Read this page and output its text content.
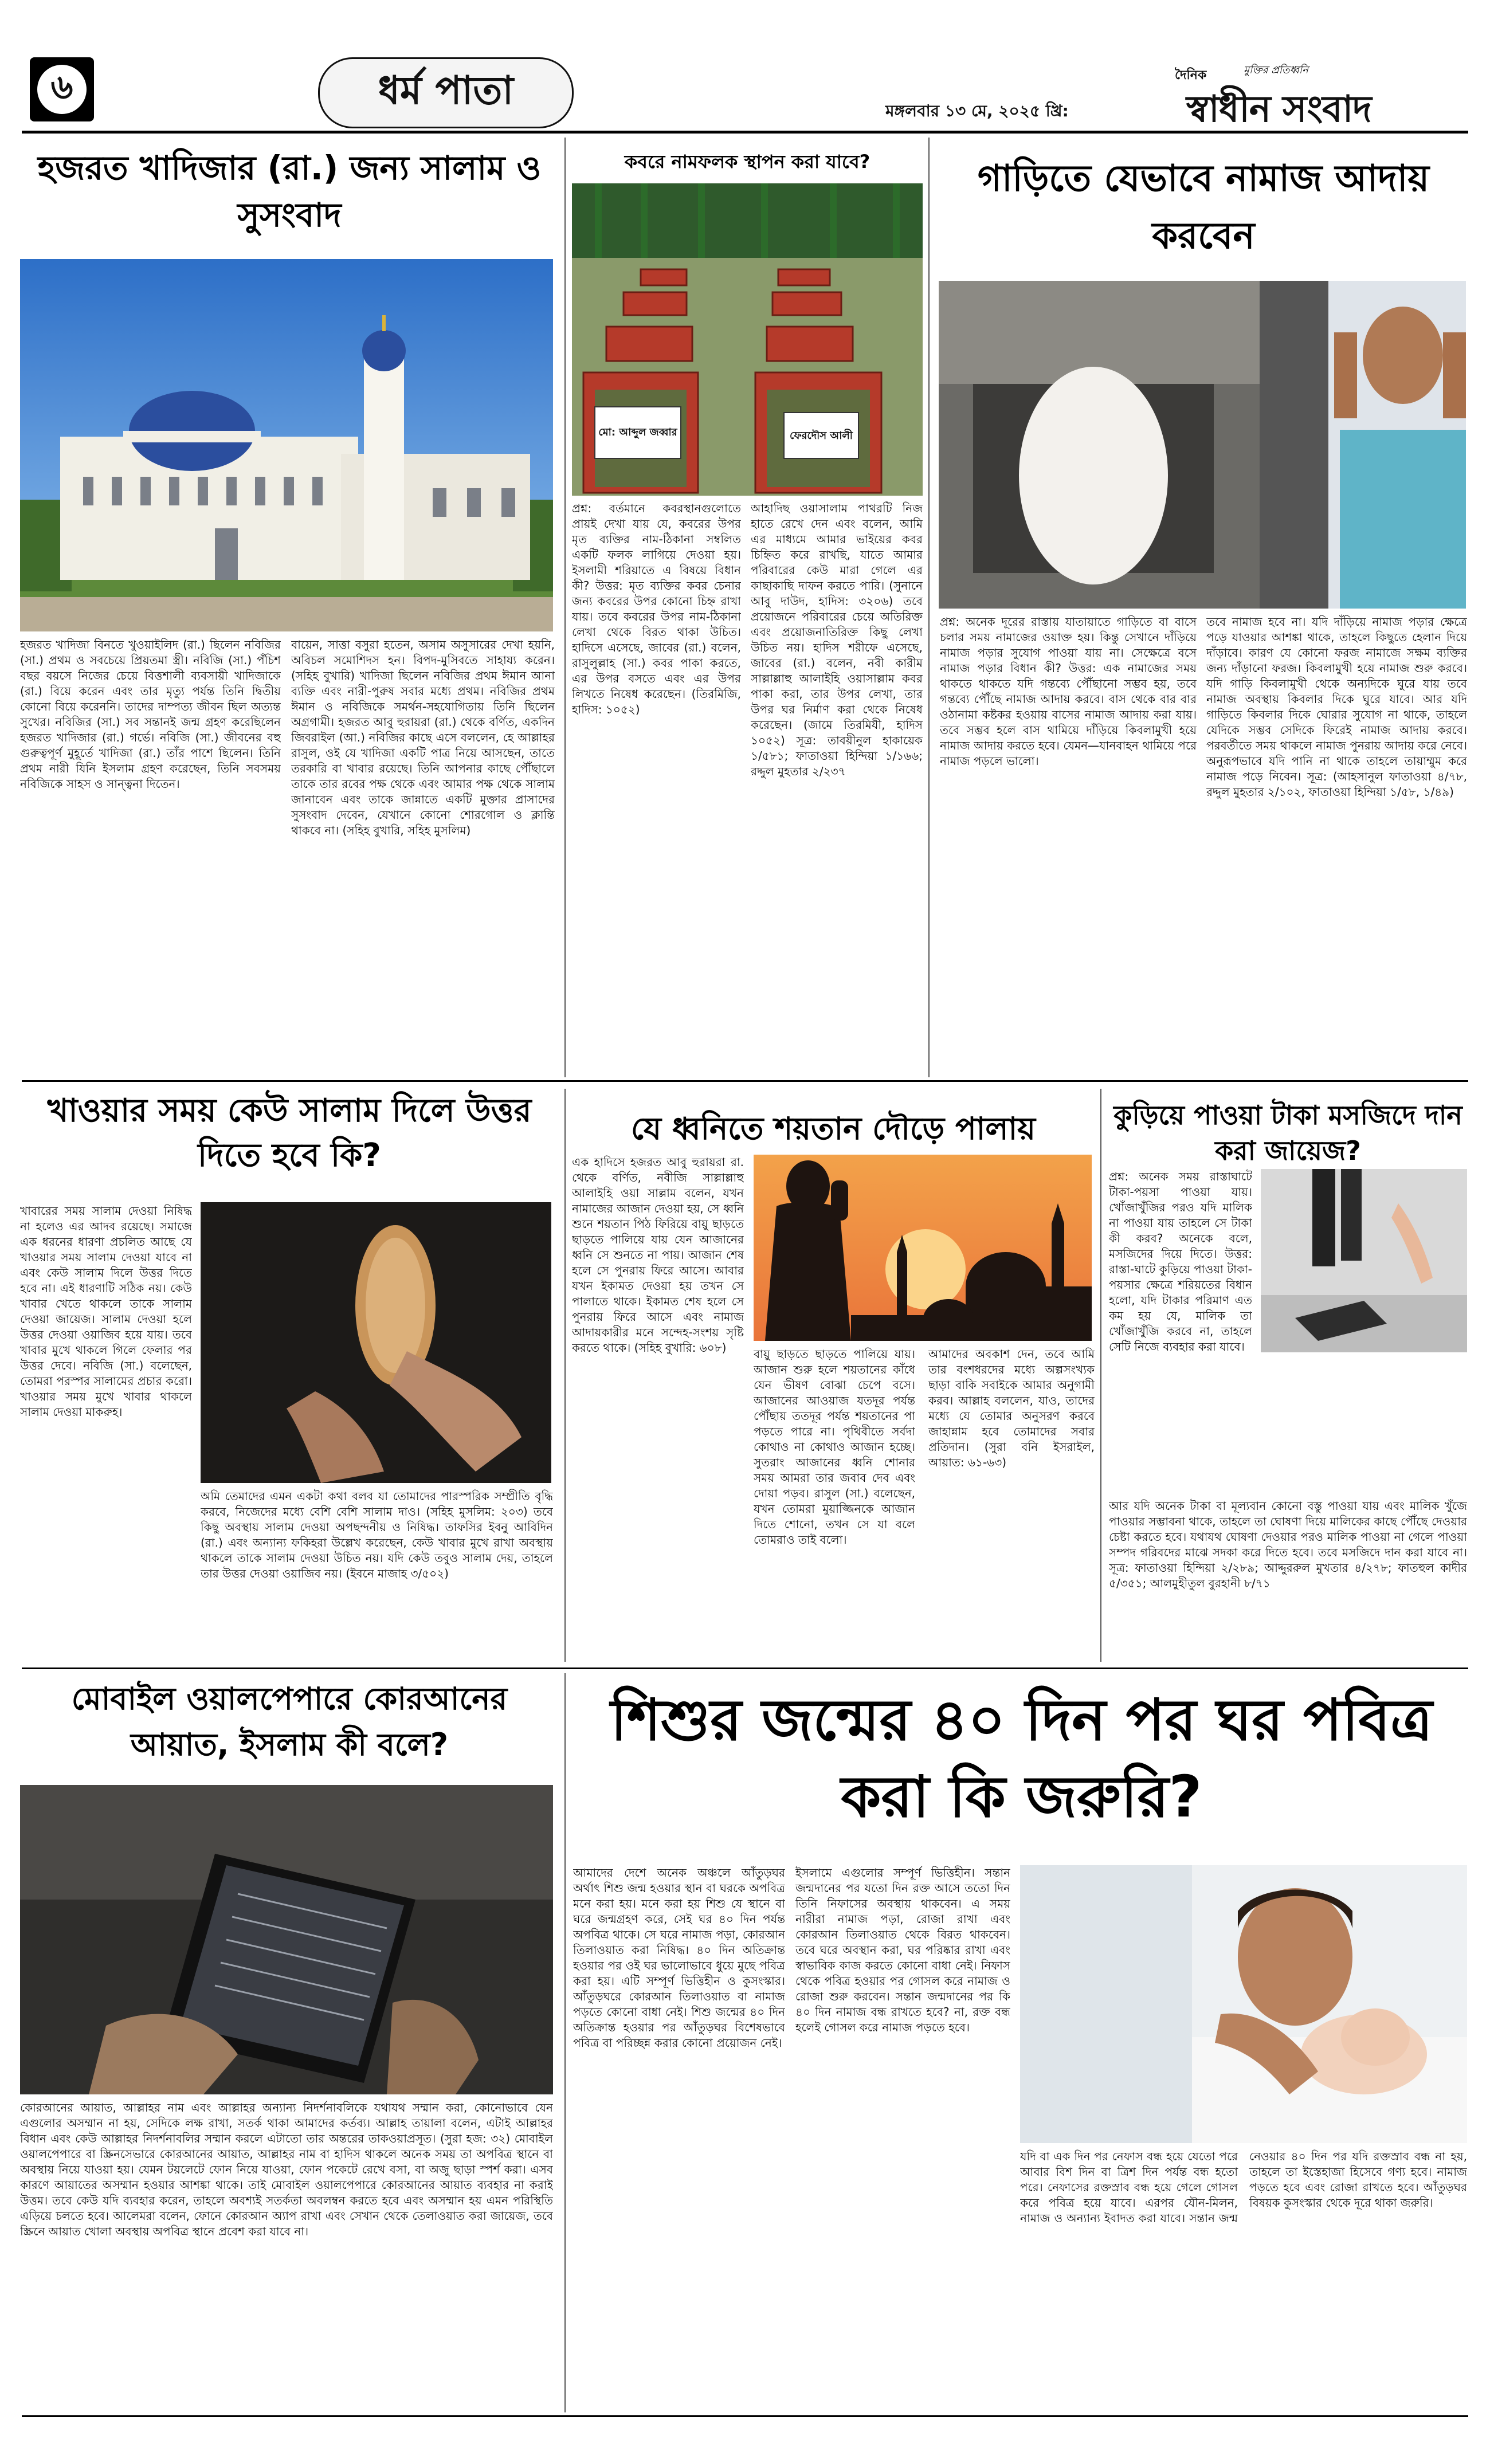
৬	ধর্ম পাতা	মঙ্গলবার ১৩ মে, ২০২৫ খ্রি:
দৈনিক	মুক্তির প্রতিধ্বনি
স্বাধীন সংবাদ
হজরত খাদিজার (রা.) জন্য সালাম ও সুসংবাদ
হজরত খাদিজা বিনতে খুওয়াইলিদ (রা.) ছিলেন নবিজির (সা.) প্রথম ও সবচেয়ে প্রিয়তমা স্ত্রী। নবিজি (সা.) পঁচিশ বছর বয়সে নিজের চেয়ে বিত্তশালী ব্যবসায়ী খাদিজাকে (রা.) বিয়ে করেন এবং তার মৃত্যু পর্যন্ত তিনি দ্বিতীয় কোনো বিয়ে করেননি। তাদের দাম্পত্য জীবন ছিল অত্যন্ত সুখের। নবিজির (সা.) সব সন্তানই জন্ম গ্রহণ করেছিলেন হজরত খাদিজার (রা.) গর্ভে। নবিজি (সা.) জীবনের বহু গুরুত্বপূর্ণ মুহূর্তে খাদিজা (রা.) তাঁর পাশে ছিলেন। তিনি প্রথম নারী যিনি ইসলাম গ্রহণ করেছেন, তিনি সবসময় নবিজিকে সাহস ও সান্ত্বনা দিতেন।
বায়েন, সাত্তা বসুরা হতেন, অসাম অসুসারের দেখা হয়নি, অবিচল সমোশিদস হন। বিপদ-মুসিবতে সাহায্য করেন। (সহিহ বুখারি) খাদিজা ছিলেন নবিজির প্রথম ঈমান আনা ব্যক্তি এবং নারী-পুরুষ সবার মধ্যে প্রথম। নবিজির প্রথম ঈমান ও নবিজিকে সমর্থন-সহযোগিতায় তিনি ছিলেন অগ্রগামী। হজরত আবু হুরায়রা (রা.) থেকে বর্ণিত, একদিন জিবরাইল (আ.) নবিজির কাছে এসে বললেন, হে আল্লাহর রাসুল, ওই যে খাদিজা একটি পাত্র নিয়ে আসছেন, তাতে তরকারি বা খাবার রয়েছে। তিনি আপনার কাছে পৌঁছালে তাকে তার রবের পক্ষ থেকে এবং আমার পক্ষ থেকে সালাম জানাবেন এবং তাকে জান্নাতে একটি মুক্তার প্রাসাদের সুসংবাদ দেবেন, যেখানে কোনো শোরগোল ও ক্লান্তি থাকবে না। (সহিহ বুখারি, সহিহ মুসলিম)
কবরে নামফলক স্থাপন করা যাবে?
মো: আব্দুল জব্বার	ফেরদৌস আলী
প্রশ্ন: বর্তমানে কবরস্থানগুলোতে প্রায়ই দেখা যায় যে, কবরের উপর মৃত ব্যক্তির নাম-ঠিকানা সম্বলিত একটি ফলক লাগিয়ে দেওয়া হয়। ইসলামী শরিয়াতে এ বিষয়ে বিধান কী? উত্তর: মৃত ব্যক্তির কবর চেনার জন্য কবরের উপর কোনো চিহ্ন রাখা যায়। তবে কবরের উপর নাম-ঠিকানা লেখা থেকে বিরত থাকা উচিত। হাদিসে এসেছে, জাবের (রা.) বলেন, রাসুলুল্লাহ (সা.) কবর পাকা করতে, এর উপর বসতে এবং এর উপর লিখতে নিষেধ করেছেন। (তিরমিজি, হাদিস: ১০৫২)
আহাদিছ ওয়াসালাম পাথরটি নিজ হাতে রেখে দেন এবং বলেন, আমি এর মাধ্যমে আমার ভাইয়ের কবর চিহ্নিত করে রাখছি, যাতে আমার পরিবারের কেউ মারা গেলে এর কাছাকাছি দাফন করতে পারি। (সুনানে আবু দাউদ, হাদিস: ৩২০৬) তবে প্রয়োজনে পরিবারের চেয়ে অতিরিক্ত এবং প্রয়োজনাতিরিক্ত কিছু লেখা উচিত নয়। হাদিস শরীফে এসেছে, জাবের (রা.) বলেন, নবী কারীম সাল্লাল্লাহু আলাইহি ওয়াসাল্লাম কবর পাকা করা, তার উপর লেখা, তার উপর ঘর নির্মাণ করা থেকে নিষেধ করেছেন। (জামে তিরমিযী, হাদিস ১০৫২) সূত্র: তাবয়ীনুল হাকায়েক ১/৫৮১; ফাতাওয়া হিন্দিয়া ১/১৬৬; রদ্দুল মুহতার ২/২৩৭
গাড়িতে যেভাবে নামাজ আদায় করবেন
প্রশ্ন: অনেক দূরের রাস্তায় যাতায়াতে গাড়িতে বা বাসে চলার সময় নামাজের ওয়াক্ত হয়। কিন্তু সেখানে দাঁড়িয়ে নামাজ পড়ার সুযোগ পাওয়া যায় না। সেক্ষেত্রে বসে নামাজ পড়ার বিধান কী? উত্তর: এক নামাজের সময় থাকতে থাকতে যদি গন্তব্যে পৌঁছানো সম্ভব হয়, তবে গন্তব্যে পৌঁছে নামাজ আদায় করবে। বাস থেকে বার বার ওঠানামা কষ্টকর হওয়ায় বাসের নামাজ আদায় করা যায়। তবে সম্ভব হলে বাস থামিয়ে দাঁড়িয়ে কিবলামুখী হয়ে নামাজ আদায় করতে হবে। যেমন—যানবাহন থামিয়ে পরে নামাজ পড়লে ভালো।
তবে নামাজ হবে না। যদি দাঁড়িয়ে নামাজ পড়ার ক্ষেত্রে পড়ে যাওয়ার আশঙ্কা থাকে, তাহলে কিছুতে হেলান দিয়ে দাঁড়াবে। কারণ যে কোনো ফরজ নামাজে সক্ষম ব্যক্তির জন্য দাঁড়ানো ফরজ। কিবলামুখী হয়ে নামাজ শুরু করবে। যদি গাড়ি কিবলামুখী থেকে অন্যদিকে ঘুরে যায় তবে নামাজ অবস্থায় কিবলার দিকে ঘুরে যাবে। আর যদি গাড়িতে কিবলার দিকে ঘোরার সুযোগ না থাকে, তাহলে যেদিকে সম্ভব সেদিকে ফিরেই নামাজ আদায় করবে। পরবর্তীতে সময় থাকলে নামাজ পুনরায় আদায় করে নেবে। অনুরূপভাবে যদি পানি না থাকে তাহলে তায়াম্মুম করে নামাজ পড়ে নিবেন। সূত্র: (আহসানুল ফাতাওয়া ৪/৭৮, রদ্দুল মুহতার ২/১০২, ফাতাওয়া হিন্দিয়া ১/৫৮, ১/৪৯)
খাওয়ার সময় কেউ সালাম দিলে উত্তর দিতে হবে কি?
খাবারের সময় সালাম দেওয়া নিষিদ্ধ না হলেও এর আদব রয়েছে। সমাজে এক ধরনের ধারণা প্রচলিত আছে যে খাওয়ার সময় সালাম দেওয়া যাবে না এবং কেউ সালাম দিলে উত্তর দিতে হবে না। এই ধারণাটি সঠিক নয়। কেউ খাবার খেতে থাকলে তাকে সালাম দেওয়া জায়েজ। সালাম দেওয়া হলে উত্তর দেওয়া ওয়াজিব হয়ে যায়। তবে খাবার মুখে থাকলে গিলে ফেলার পর উত্তর দেবে। নবিজি (সা.) বলেছেন, তোমরা পরস্পর সালামের প্রচার করো। খাওয়ার সময় মুখে খাবার থাকলে সালাম দেওয়া মাকরুহ।
অমি তেমাদের এমন একটা কথা বলব যা তোমাদের পারস্পরিক সম্প্রীতি বৃদ্ধি করবে, নিজেদের মধ্যে বেশি বেশি সালাম দাও। (সহিহ মুসলিম: ২০৩) তবে কিছু অবস্থায় সালাম দেওয়া অপছন্দনীয় ও নিষিদ্ধ। তাফসির ইবনু আবিদিন (রা.) এবং অন্যান্য ফকিহরা উল্লেখ করেছেন, কেউ খাবার মুখে রাখা অবস্থায় থাকলে তাকে সালাম দেওয়া উচিত নয়। যদি কেউ তবুও সালাম দেয়, তাহলে তার উত্তর দেওয়া ওয়াজিব নয়। (ইবনে মাজাহ ৩/৫০২)
যে ধ্বনিতে শয়তান দৌড়ে পালায়
এক হাদিসে হজরত আবু হুরায়রা রা. থেকে বর্ণিত, নবীজি সাল্লাল্লাহু আলাইহি ওয়া সাল্লাম বলেন, যখন নামাজের আজান দেওয়া হয়, সে ধ্বনি শুনে শয়তান পিঠ ফিরিয়ে বায়ু ছাড়তে ছাড়তে পালিয়ে যায় যেন আজানের ধ্বনি সে শুনতে না পায়। আজান শেষ হলে সে পুনরায় ফিরে আসে। আবার যখন ইকামত দেওয়া হয় তখন সে পালাতে থাকে। ইকামত শেষ হলে সে পুনরায় ফিরে আসে এবং নামাজ আদায়কারীর মনে সন্দেহ-সংশয় সৃষ্টি করতে থাকে। (সহিহ বুখারি: ৬০৮)	বায়ু ছাড়তে ছাড়তে পালিয়ে যায়। আজান শুরু হলে শয়তানের কাঁধে যেন ভীষণ বোঝা চেপে বসে। আজানের আওয়াজ যতদূর পর্যন্ত পৌঁছায় ততদূর পর্যন্ত শয়তানের পা পড়তে পারে না। পৃথিবীতে সর্বদা কোথাও না কোথাও আজান হচ্ছে। সুতরাং আজানের ধ্বনি শোনার সময় আমরা তার জবাব দেব এবং দোয়া পড়ব। রাসুল (সা.) বলেছেন, যখন তোমরা মুয়াজ্জিনকে আজান দিতে শোনো, তখন সে যা বলে তোমরাও তাই বলো।
আমাদের অবকাশ দেন, তবে আমি তার বংশধরদের মধ্যে অল্পসংখ্যক ছাড়া বাকি সবাইকে আমার অনুগামী করব। আল্লাহ বললেন, যাও, তাদের মধ্যে যে তোমার অনুসরণ করবে জাহান্নাম হবে তোমাদের সবার প্রতিদান। (সুরা বনি ইসরাইল, আয়াত: ৬১-৬৩)
কুড়িয়ে পাওয়া টাকা মসজিদে দান করা জায়েজ?
প্রশ্ন: অনেক সময় রাস্তাঘাটে টাকা-পয়সা পাওয়া যায়। খোঁজাখুঁজির পরও যদি মালিক না পাওয়া যায় তাহলে সে টাকা কী করব? অনেকে বলে, মসজিদের দিয়ে দিতে। উত্তর: রাস্তা-ঘাটে কুড়িয়ে পাওয়া টাকা-পয়সার ক্ষেত্রে শরিয়তের বিধান হলো, যদি টাকার পরিমাণ এত কম হয় যে, মালিক তা খোঁজাখুঁজি করবে না, তাহলে সেটি নিজে ব্যবহার করা যাবে।
আর যদি অনেক টাকা বা মূল্যবান কোনো বস্তু পাওয়া যায় এবং মালিক খুঁজে পাওয়ার সম্ভাবনা থাকে, তাহলে তা ঘোষণা দিয়ে মালিকের কাছে পৌঁছে দেওয়ার চেষ্টা করতে হবে। যথাযথ ঘোষণা দেওয়ার পরও মালিক পাওয়া না গেলে পাওয়া সম্পদ গরিবদের মাঝে সদকা করে দিতে হবে। তবে মসজিদে দান করা যাবে না। সূত্র: ফাতাওয়া হিন্দিয়া ২/২৮৯; আদ্দুররুল মুখতার ৪/২৭৮; ফাতহুল কাদীর ৫/৩৫১; আলমুহীতুল বুরহানী ৮/৭১
মোবাইল ওয়ালপেপারে কোরআনের আয়াত, ইসলাম কী বলে?
কোরআনের আয়াত, আল্লাহর নাম এবং আল্লাহর অন্যান্য নিদর্শনাবলিকে যথাযথ সম্মান করা, কোনোভাবে যেন এগুলোর অসম্মান না হয়, সেদিকে লক্ষ রাখা, সতর্ক থাকা আমাদের কর্তব্য। আল্লাহ তায়ালা বলেন, এটাই আল্লাহর বিধান এবং কেউ আল্লাহর নিদর্শনাবলির সম্মান করলে এটাতো তার অন্তরের তাকওয়াপ্রসূত। (সুরা হজ: ৩২) মোবাইল ওয়ালপেপারে বা স্ক্রিনসেভারে কোরআনের আয়াত, আল্লাহর নাম বা হাদিস থাকলে অনেক সময় তা অপবিত্র স্থানে বা অবস্থায় নিয়ে যাওয়া হয়। যেমন টয়লেটে ফোন নিয়ে যাওয়া, ফোন পকেটে রেখে বসা, বা অজু ছাড়া স্পর্শ করা। এসব কারণে আয়াতের অসম্মান হওয়ার আশঙ্কা থাকে। তাই মোবাইল ওয়ালপেপারে কোরআনের আয়াত ব্যবহার না করাই উত্তম। তবে কেউ যদি ব্যবহার করেন, তাহলে অবশ্যই সতর্কতা অবলম্বন করতে হবে এবং অসম্মান হয় এমন পরিস্থিতি এড়িয়ে চলতে হবে। আলেমরা বলেন, ফোনে কোরআন অ্যাপ রাখা এবং সেখান থেকে তেলাওয়াত করা জায়েজ, তবে স্ক্রিনে আয়াত খোলা অবস্থায় অপবিত্র স্থানে প্রবেশ করা যাবে না।
শিশুর জন্মের ৪০ দিন পর ঘর পবিত্র করা কি জরুরি?
আমাদের দেশে অনেক অঞ্চলে আঁতুড়ঘর অর্থাৎ শিশু জন্ম হওয়ার স্থান বা ঘরকে অপবিত্র মনে করা হয়। মনে করা হয় শিশু যে স্থানে বা ঘরে জন্মগ্রহণ করে, সেই ঘর ৪০ দিন পর্যন্ত অপবিত্র থাকে। সে ঘরে নামাজ পড়া, কোরআন তিলাওয়াত করা নিষিদ্ধ। ৪০ দিন অতিক্রান্ত হওয়ার পর ওই ঘর ভালোভাবে ধুয়ে মুছে পবিত্র করা হয়। এটি সম্পূর্ণ ভিত্তিহীন ও কুসংস্কার। আঁতুড়ঘরে কোরআন তিলাওয়াত বা নামাজ পড়তে কোনো বাধা নেই। শিশু জন্মের ৪০ দিন অতিক্রান্ত হওয়ার পর আঁতুড়ঘর বিশেষভাবে পবিত্র বা পরিচ্ছন্ন করার কোনো প্রয়োজন নেই।
ইসলামে এগুলোর সম্পূর্ণ ভিত্তিহীন। সন্তান জন্মদানের পর যতো দিন রক্ত আসে ততো দিন তিনি নিফাসের অবস্থায় থাকবেন। এ সময় নারীরা নামাজ পড়া, রোজা রাখা এবং কোরআন তিলাওয়াত থেকে বিরত থাকবেন। তবে ঘরে অবস্থান করা, ঘর পরিষ্কার রাখা এবং স্বাভাবিক কাজ করতে কোনো বাধা নেই। নিফাস থেকে পবিত্র হওয়ার পর গোসল করে নামাজ ও রোজা শুরু করবেন। সন্তান জন্মদানের পর কি ৪০ দিন নামাজ বন্ধ রাখতে হবে? না, রক্ত বন্ধ হলেই গোসল করে নামাজ পড়তে হবে।
যদি বা এক দিন পর নেফাস বন্ধ হয়ে যেতো পরে আবার বিশ দিন বা ত্রিশ দিন পর্যন্ত বন্ধ হতো পরে। নেফাসের রক্তস্রাব বন্ধ হয়ে গেলে গোসল করে পবিত্র হয়ে যাবে। এরপর যৌন-মিলন, নামাজ ও অন্যান্য ইবাদত করা যাবে। সন্তান জন্ম নেওয়ার ৪০ দিন পর যদি রক্তস্রাব বন্ধ না হয়, তাহলে তা ইস্তেহাজা হিসেবে গণ্য হবে। নামাজ পড়তে হবে এবং রোজা রাখতে হবে। আঁতুড়ঘর বিষয়ক কুসংস্কার থেকে দূরে থাকা জরুরি।
